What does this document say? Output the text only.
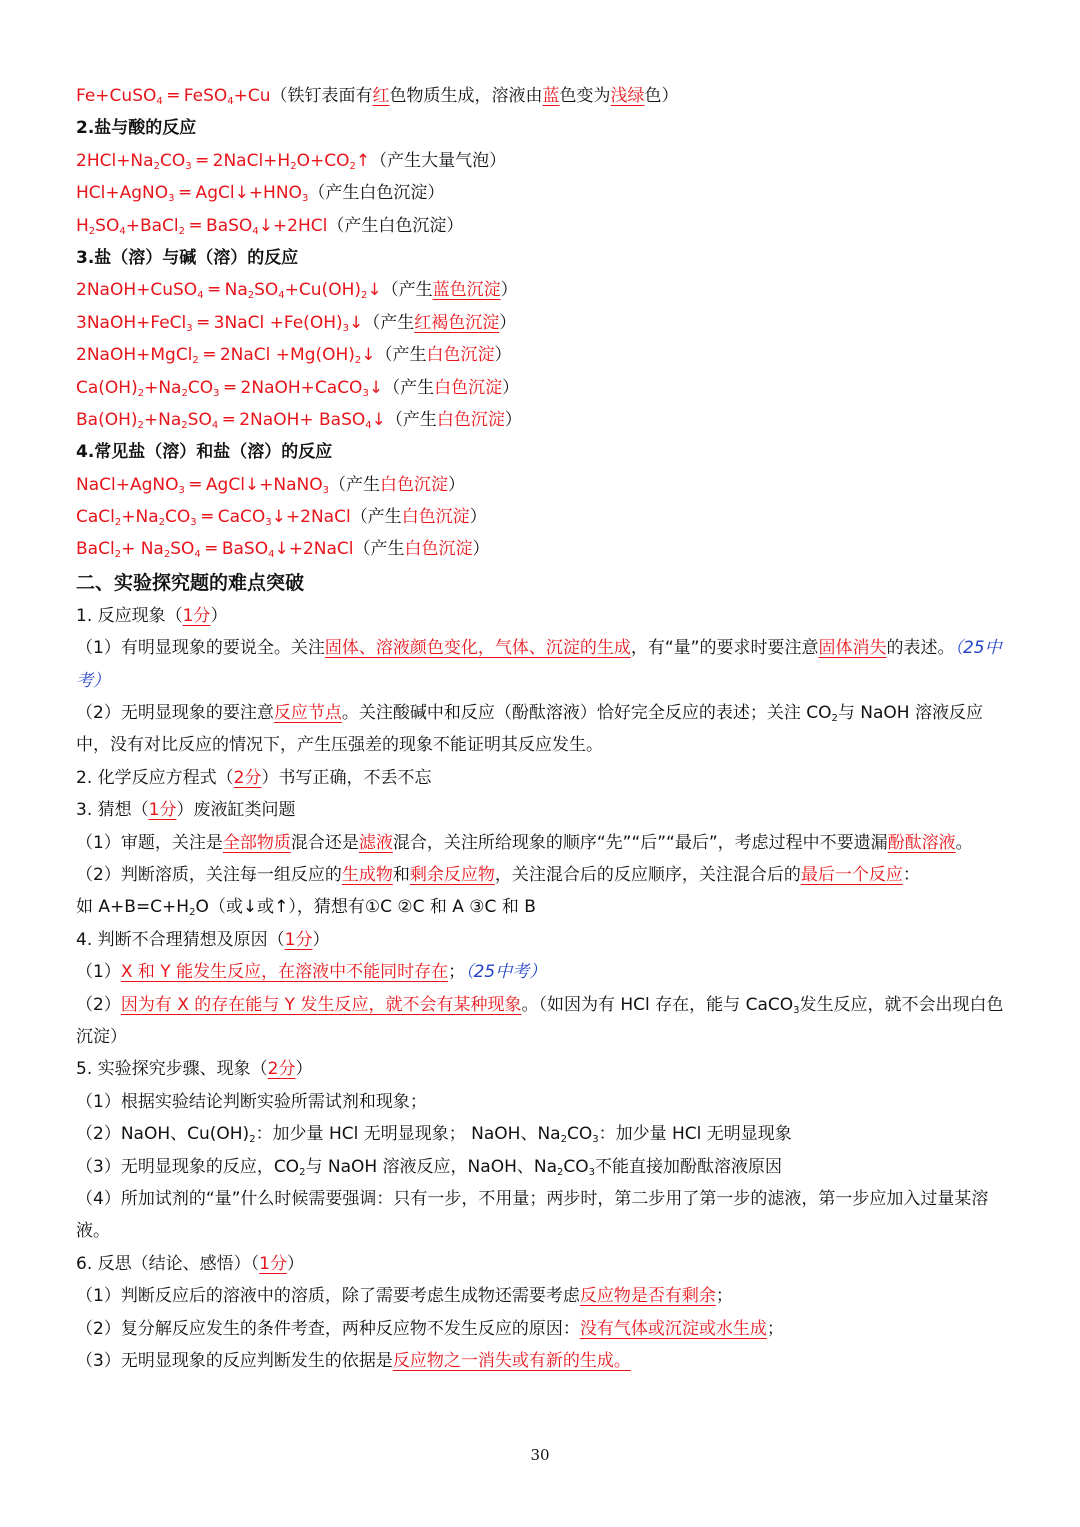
Fe+CuSO$_4$ ═ FeSO$_4$+Cu（铁钉表面有红色物质生成，溶液由蓝色变为浅绿色）
2.盐与酸的反应
$2HCl+Na_2CO_3$ ═ $2NaCl+H_2O+CO_2↑$（产生大量气泡）
HCl+AgNO$_3$ ═ $AgCl↓+HNO_3$（产生白色沉淀）
$H_2SO_4+BaCl_2$ ═ BaSO$_4$↓+2HCl（产生白色沉淀）
3.盐（溶）与碱（溶）的反应
2NaOH+CuSO$_4$ ═ $Na_2SO_4+Cu(OH)_2↓$（产生蓝色沉淀）
3NaOH+FeCl$_3$ ═ 3NaCl $+Fe(OH)_3↓$（产生红褐色沉淀）
2NaOH+MgCl$_2$ ═ 2NaCl $+Mg(OH)_2↓$（产生白色沉淀）
$Ca(OH)_2+Na_2CO_3$ ═ 2NaOH+CaCO$_3$↓（产生白色沉淀）
$Ba(OH)_2+Na_2SO_4$ ═ 2NaOH+ BaSO$_4$↓（产生白色沉淀）
4.常见盐（溶）和盐（溶）的反应
NaCl+AgNO$_3$ ═ AgCl↓+NaNO$_3$（产生白色沉淀）
$CaCl_2+Na_2CO_3$ ═ CaCO$_3$↓+2NaCl（产生白色沉淀）
BaCl$_2$+ $Na_2SO_4$ ═ BaSO$_4$↓+2NaCl（产生白色沉淀）
二、实验探究题的难点突破
1. 反应现象（1分）
（1）有明显现象的要说全。关注固体、溶液颜色变化，气体、沉淀的生成，有“量”的要求时要注意固体消失的表述。（25中考）
（2）无明显现象的要注意反应节点。关注酸碱中和反应（酚酞溶液）恰好完全反应的表述；关注 $CO_2$与 NaOH 溶液反应中，没有对比反应的情况下，产生压强差的现象不能证明其反应发生。
2. 化学反应方程式（2分）书写正确，不丢不忘
3. 猜想（1分）废液缸类问题
（1）审题，关注是全部物质混合还是滤液混合，关注所给现象的顺序“先”“后”“最后”，考虑过程中不要遗漏酚酞溶液。
（2）判断溶质，关注每一组反应的生成物和剩余反应物，关注混合后的反应顺序，关注混合后的最后一个反应：
如 $A+B=C+H_2O$（或↓或↑），猜想有①C ②C 和 A ③C 和 B
4. 判断不合理猜想及原因（1分）
（1）X 和 Y 能发生反应，在溶液中不能同时存在；（25中考）
（2）因为有 X 的存在能与 Y 发生反应，就不会有某种现象。（如因为有 HCl 存在，能与 CaCO$_3$发生反应，就不会出现白色沉淀）
5. 实验探究步骤、现象（2分）
（1）根据实验结论判断实验所需试剂和现象；
（2）NaOH、$Cu(OH)_2$：加少量 HCl 无明显现象； NaOH、$Na_2CO_3$：加少量 HCl 无明显现象
（3）无明显现象的反应，$CO_2$与 NaOH 溶液反应，NaOH、$Na_2CO_3$不能直接加酚酞溶液原因
（4）所加试剂的“量”什么时候需要强调：只有一步，不用量；两步时，第二步用了第一步的滤液，第一步应加入过量某溶液。
6. 反思（结论、感悟）（1分）
（1）判断反应后的溶液中的溶质，除了需要考虑生成物还需要考虑反应物是否有剩余；
（2）复分解反应发生的条件考查，两种反应物不发生反应的原因：没有气体或沉淀或水生成；
（3）无明显现象的反应判断发生的依据是反应物之一消失或有新的生成。
30
